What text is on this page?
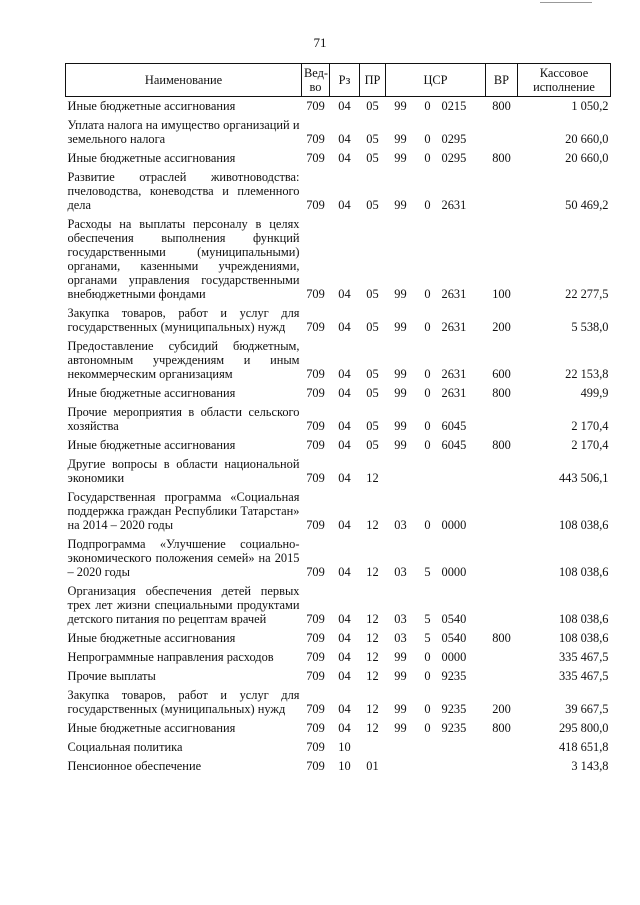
71
Наименование	Вед-во	Рз	ПР	ЦСР			ВР	Кассовое исполнение
Иные бюджетные ассигнования	709	04	05	99	0	0215	800	1 050,2
Уплата налога на имущество организаций и земельного налога	709	04	05	99	0	0295		20 660,0
Иные бюджетные ассигнования	709	04	05	99	0	0295	800	20 660,0
Развитие отраслей животноводства: пчеловодства, коневодства и племенного дела	709	04	05	99	0	2631		50 469,2
Расходы на выплаты персоналу в целях обеспечения выполнения функций государственными (муниципальными) органами, казенными учреждениями, органами управления государственными внебюджетными фондами	709	04	05	99	0	2631	100	22 277,5
Закупка товаров, работ и услуг для государственных (муниципальных) нужд	709	04	05	99	0	2631	200	5 538,0
Предоставление субсидий бюджетным, автономным учреждениям и иным некоммерческим организациям	709	04	05	99	0	2631	600	22 153,8
Иные бюджетные ассигнования	709	04	05	99	0	2631	800	499,9
Прочие мероприятия в области сельского хозяйства	709	04	05	99	0	6045		2 170,4
Иные бюджетные ассигнования	709	04	05	99	0	6045	800	2 170,4
Другие вопросы в области национальной экономики	709	04	12					443 506,1
Государственная программа «Социальная поддержка граждан Республики Татарстан» на 2014 – 2020 годы	709	04	12	03	0	0000		108 038,6
Подпрограмма «Улучшение социально-экономического положения семей» на 2015 – 2020 годы	709	04	12	03	5	0000		108 038,6
Организация обеспечения детей первых трех лет жизни специальными продуктами детского питания по рецептам врачей	709	04	12	03	5	0540		108 038,6
Иные бюджетные ассигнования	709	04	12	03	5	0540	800	108 038,6
Непрограммные направления расходов	709	04	12	99	0	0000		335 467,5
Прочие выплаты	709	04	12	99	0	9235		335 467,5
Закупка товаров, работ и услуг для государственных (муниципальных) нужд	709	04	12	99	0	9235	200	39 667,5
Иные бюджетные ассигнования	709	04	12	99	0	9235	800	295 800,0
Социальная политика	709	10						418 651,8
Пенсионное обеспечение	709	10	01					3 143,8
